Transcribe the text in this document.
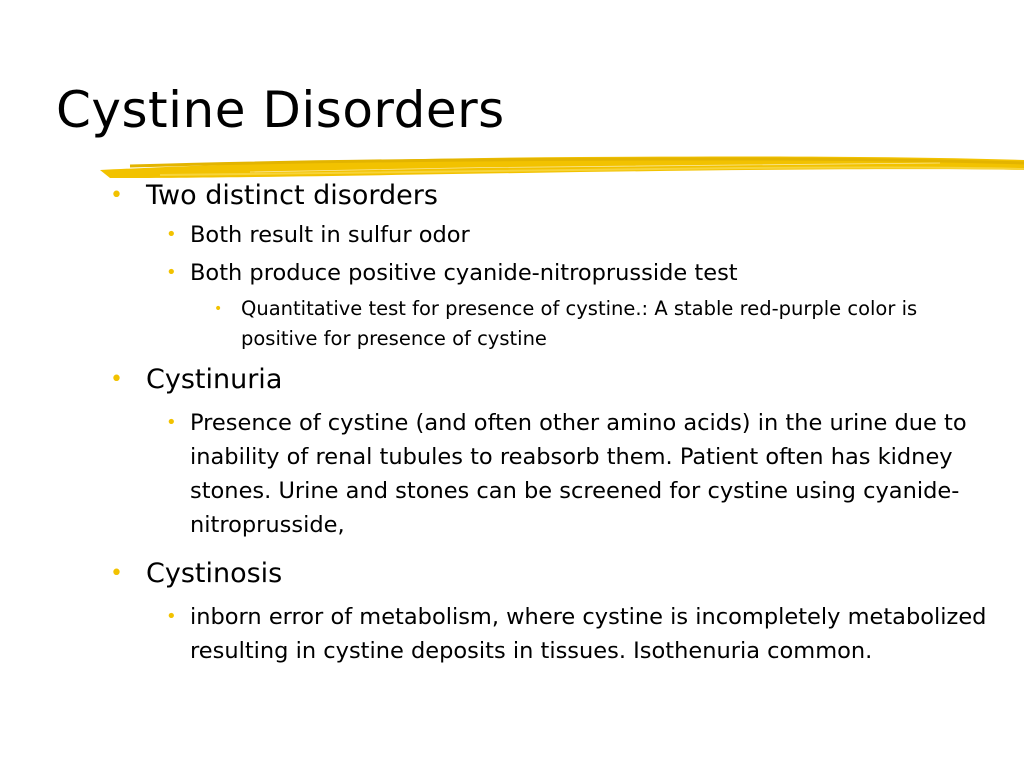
Cystine Disorders
• Two distinct disorders
• Both result in sulfur odor
• Both produce positive cyanide-nitroprusside test
• Quantitative test for presence of cystine.: A stable red-purple color is positive for presence of cystine
• Cystinuria
• Presence of cystine (and often other amino acids) in the urine due to inability of renal tubules to reabsorb them. Patient often has kidney stones. Urine and stones can be screened for cystine using cyanide-nitroprusside,
• Cystinosis
• inborn error of metabolism, where cystine is incompletely metabolized resulting in cystine deposits in tissues. Isothenuria common.
